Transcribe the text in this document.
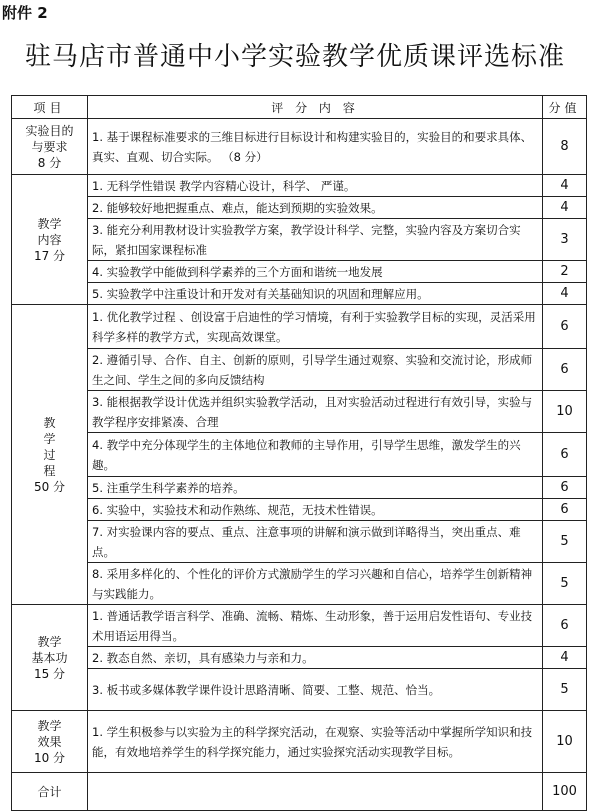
附件 2

驻马店市普通中小学实验教学优质课评选标准
项目	评 分 内 容	分值

实验目的
与要求
8 分	1. 基于课程标准要求的三维目标进行目标设计和构建实验目的，实验目的和要求具体、真实、直观、切合实际。 （8 分）	8

教学
内容
17 分	1. 无科学性错误 教学内容精心设计，科学、 严谨。	4
	2. 能够较好地把握重点、难点，能达到预期的实验效果。	4
	3. 能充分利用教材设计实验教学方案，教学设计科学、完整，实验内容及方案切合实际，紧扣国家课程标准	3
	4. 实验教学中能做到科学素养的三个方面和谐统一地发展	2
	5. 实验教学中注重设计和开发对有关基础知识的巩固和理解应用。	4

教
学
过
程
50 分	1. 优化教学过程 、创设富于启迪性的学习情境，有利于实验教学目标的实现，灵活采用科学多样的教学方式，实现高效课堂。	6
	2. 遵循引导、合作、自主、创新的原则，引导学生通过观察、实验和交流讨论，形成师生之间、学生之间的多向反馈结构	6
	3. 能根据教学设计优选并组织实验教学活动，且对实验活动过程进行有效引导，实验与教学程序安排紧凑、合理	10
	4. 教学中充分体现学生的主体地位和教师的主导作用，引导学生思维，激发学生的兴趣。	6
	5. 注重学生科学素养的培养。	6
	6. 实验中，实验技术和动作熟练、规范，无技术性错误。	6
	7. 对实验课内容的要点、重点、注意事项的讲解和演示做到详略得当，突出重点、难点。	5
	8. 采用多样化的、个性化的评价方式激励学生的学习兴趣和自信心，培养学生创新精神与实践能力。	5

教学
基本功
15 分	1. 普通话教学语言科学、准确、流畅、精炼、生动形象，善于运用启发性语句、专业技术用语运用得当。	6
	2. 教态自然、亲切，具有感染力与亲和力。	4
	3. 板书或多媒体教学课件设计思路清晰、简要、工整、规范、恰当。	5

教学
效果
10 分	1. 学生积极参与以实验为主的科学探究活动，在观察、实验等活动中掌握所学知识和技能，有效地培养学生的科学探究能力，通过实验探究活动实现教学目标。	10
合计		100
